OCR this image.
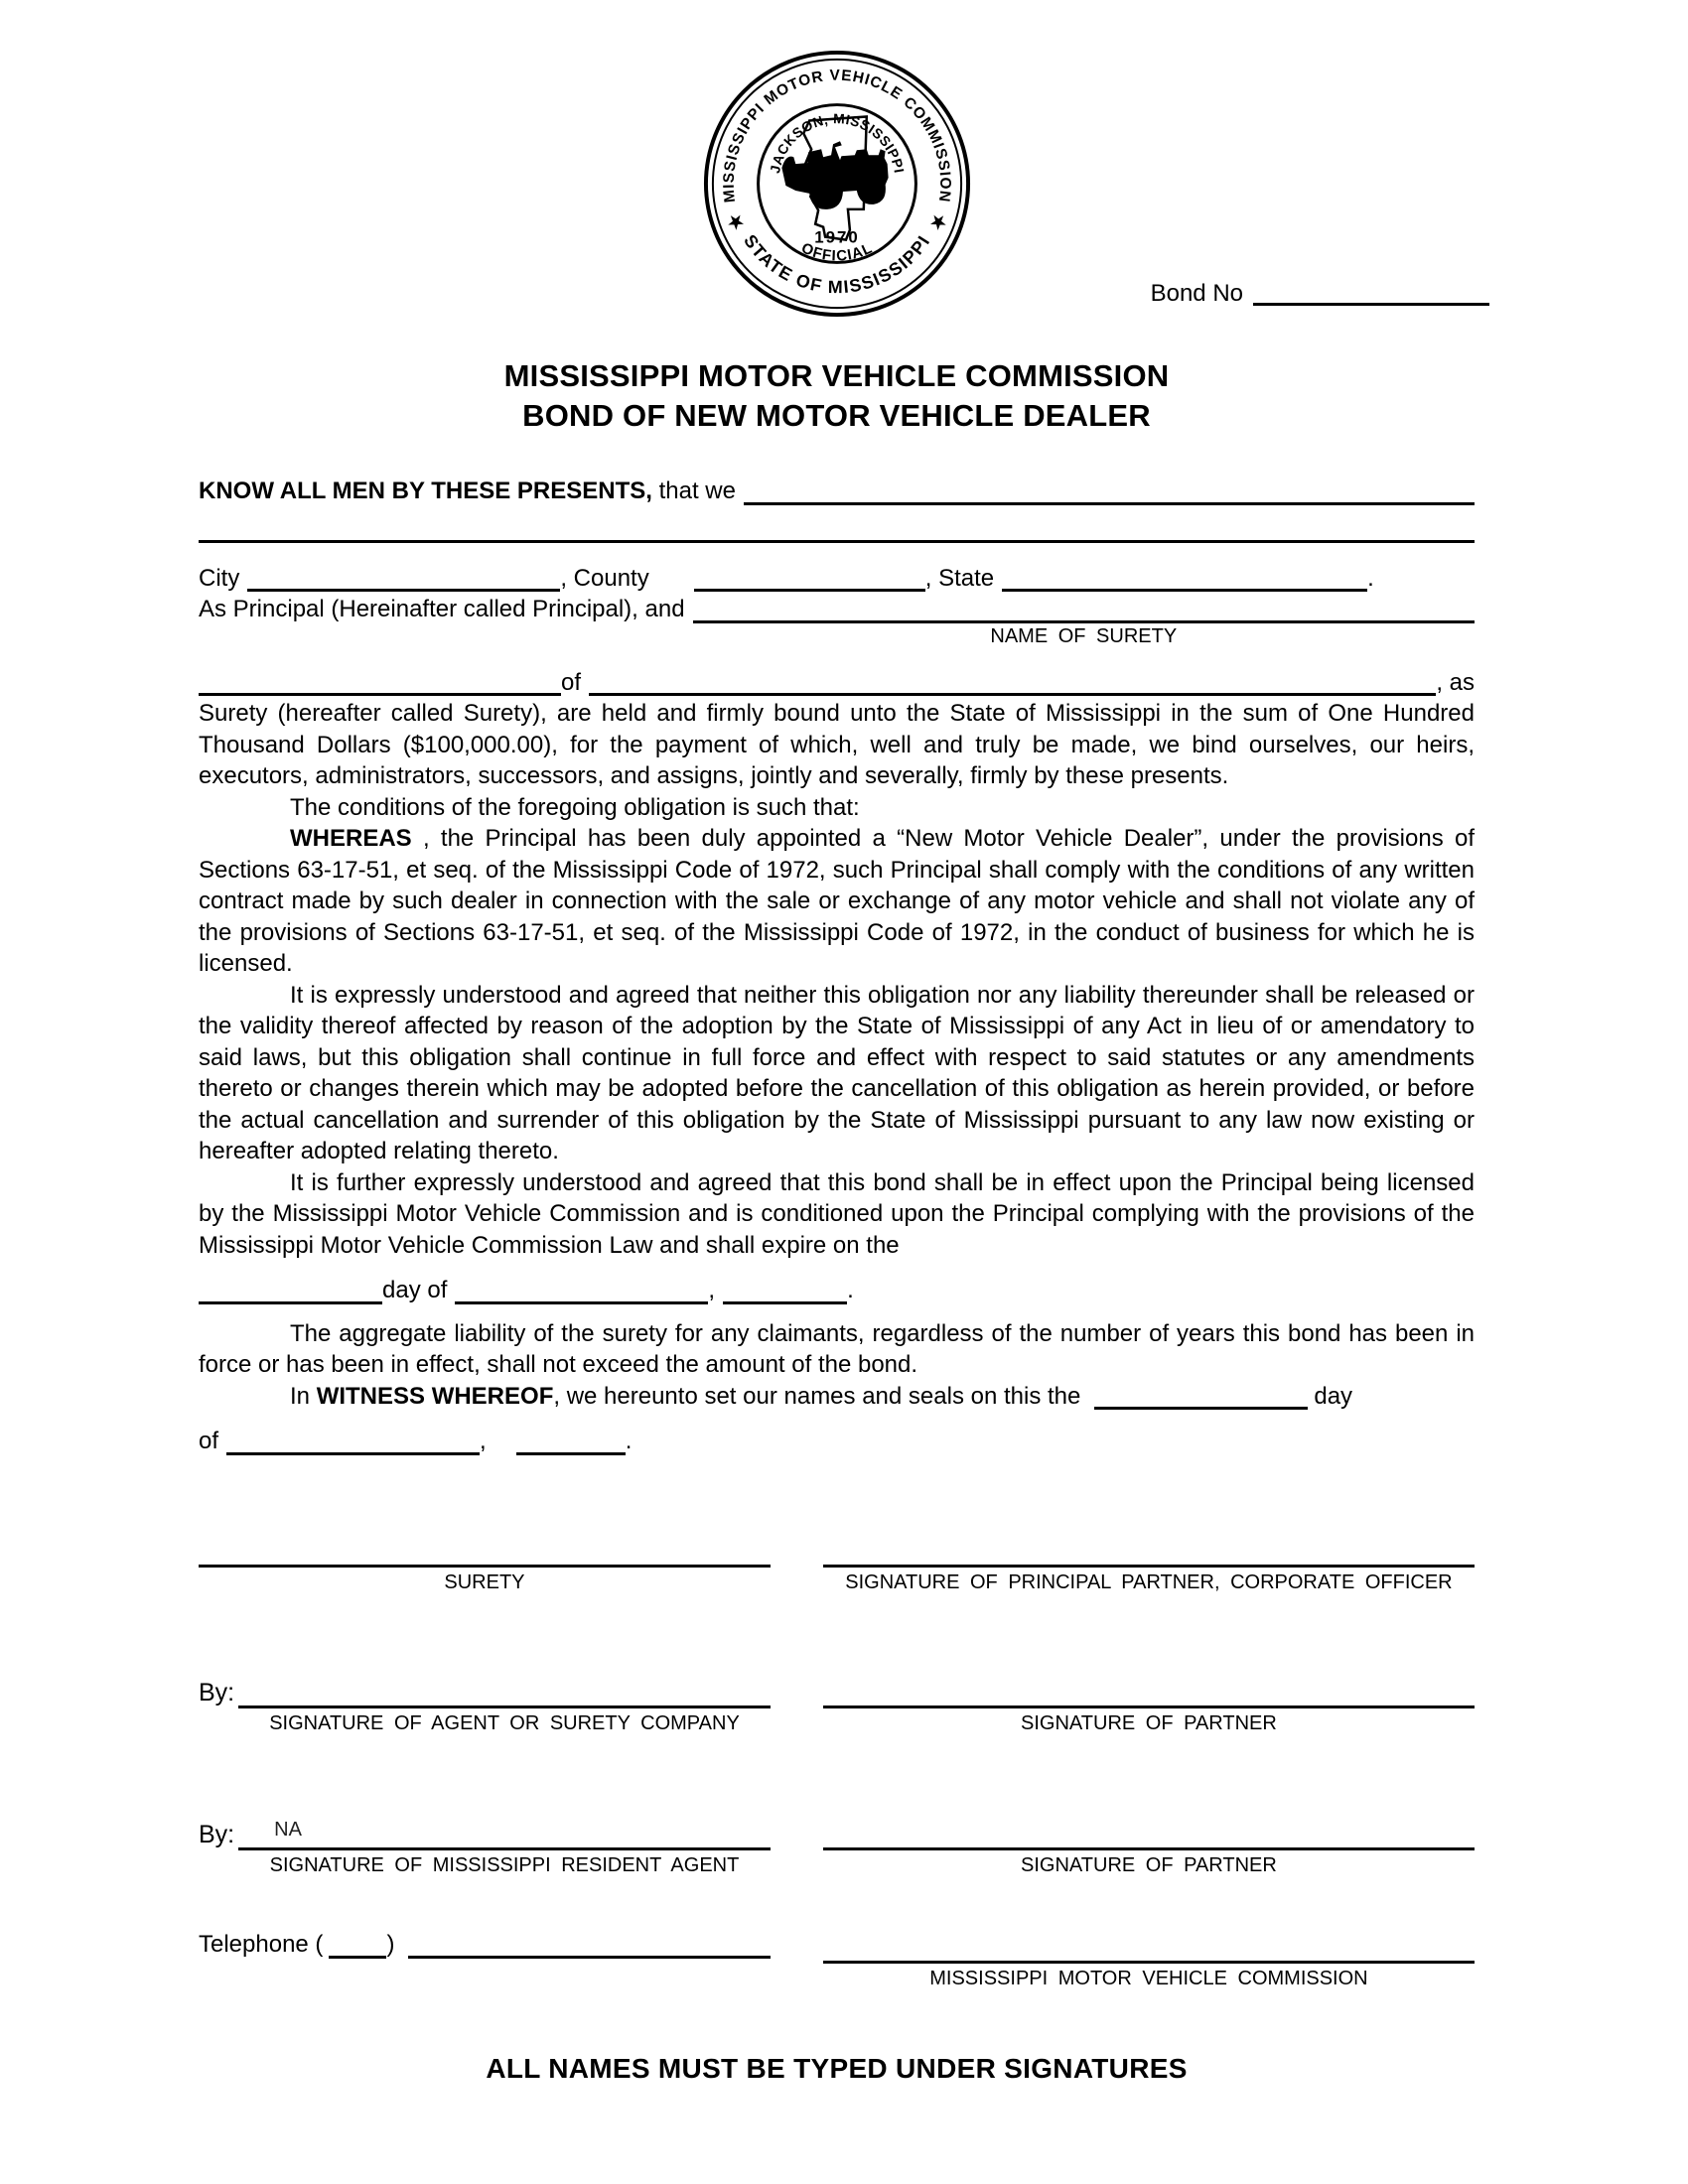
MISSISSIPPI MOTOR VEHICLE COMMISSION
STATE OF MISSISSIPPI
JACKSON, MISSISSIPPI
OFFICIAL
1970
★	★
Bond No
MISSISSIPPI MOTOR VEHICLE COMMISSION
BOND OF NEW MOTOR VEHICLE DEALER
KNOW ALL MEN BY THESE PRESENTS, that we
City	, County	, State	.
As Principal (Hereinafter called Principal), and
NAME OF SURETY
of	, as

Surety (hereafter called Surety), are held and firmly bound unto the State of Mississippi in the sum of One Hundred Thousand Dollars ($100,000.00), for the payment of which, well and truly be made, we bind ourselves, our heirs, executors, administrators, successors, and assigns, jointly and severally, firmly by these presents.

The conditions of the foregoing obligation is such that:

WHEREAS , the Principal has been duly appointed a “New Motor Vehicle Dealer”, under the provisions of Sections 63-17-51, et seq. of the Mississippi Code of 1972, such Principal shall comply with the conditions of any written contract made by such dealer in connection with the sale or exchange of any motor vehicle and shall not violate any of the provisions of Sections 63-17-51, et seq. of the Mississippi Code of 1972, in the conduct of business for which he is licensed.

It is expressly understood and agreed that neither this obligation nor any liability thereunder shall be released or the validity thereof affected by reason of the adoption by the State of Mississippi of any Act in lieu of or amendatory to said laws, but this obligation shall continue in full force and effect with respect to said statutes or any amendments thereto or changes therein which may be adopted before the cancellation of this obligation as herein provided, or before the actual cancellation and surrender of this obligation by the State of Mississippi pursuant to any law now existing or hereafter adopted relating thereto.

It is further expressly understood and agreed that this bond shall be in effect upon the Principal being licensed by the Mississippi Motor Vehicle Commission and is conditioned upon the Principal complying with the provisions of the Mississippi Motor Vehicle Commission Law and shall expire on the

day of	,	.

The aggregate liability of the surety for any claimants, regardless of the number of years this bond has been in force or has been in effect, shall not exceed the amount of the bond.

In WITNESS WHEREOF, we hereunto set our names and seals on this the	day
of	,	.
SURETY	SIGNATURE OF PRINCIPAL PARTNER, CORPORATE OFFICER
By:
SIGNATURE OF AGENT OR SURETY COMPANY	SIGNATURE OF PARTNER
By: NA
SIGNATURE OF MISSISSIPPI RESIDENT AGENT	SIGNATURE OF PARTNER
Telephone (	)
MISSISSIPPI MOTOR VEHICLE COMMISSION
ALL NAMES MUST BE TYPED UNDER SIGNATURES
